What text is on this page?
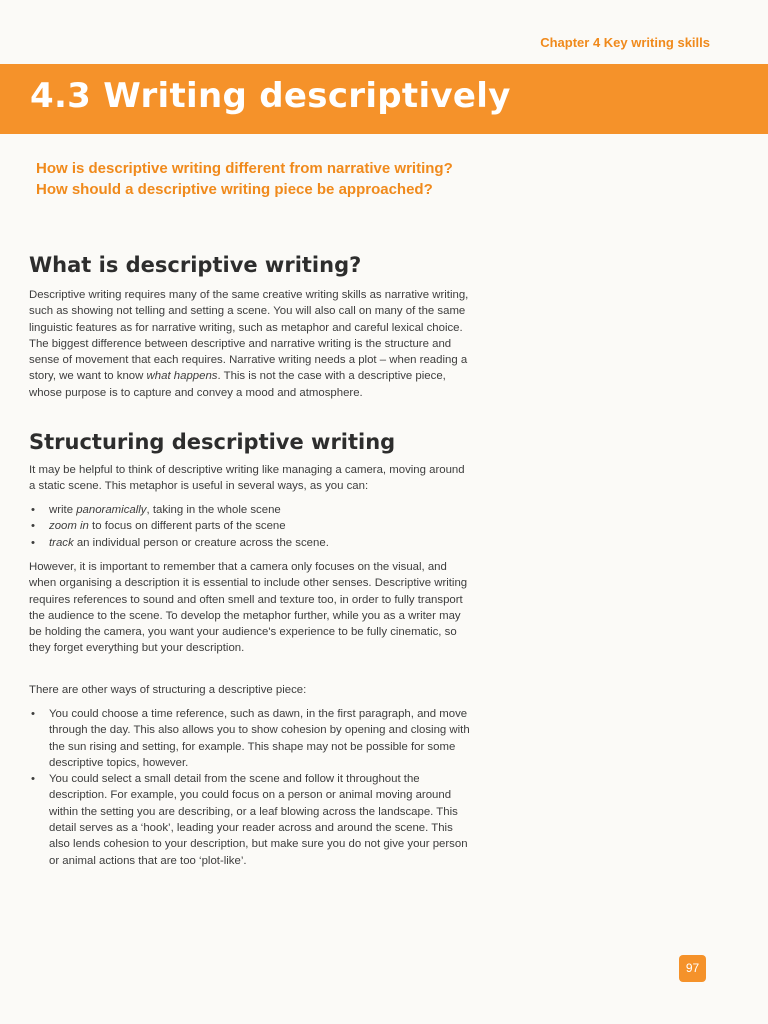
Chapter 4 Key writing skills
4.3 Writing descriptively
How is descriptive writing different from narrative writing? How should a descriptive writing piece be approached?
What is descriptive writing?

Descriptive writing requires many of the same creative writing skills as narrative writing, such as showing not telling and setting a scene. You will also call on many of the same linguistic features as for narrative writing, such as metaphor and careful lexical choice. The biggest difference between descriptive and narrative writing is the structure and sense of movement that each requires. Narrative writing needs a plot – when reading a story, we want to know what happens. This is not the case with a descriptive piece, whose purpose is to capture and convey a mood and atmosphere.

Structuring descriptive writing

It may be helpful to think of descriptive writing like managing a camera, moving around a static scene. This metaphor is useful in several ways, as you can:

• write panoramically, taking in the whole scene
• zoom in to focus on different parts of the scene
• track an individual person or creature across the scene.

However, it is important to remember that a camera only focuses on the visual, and when organising a description it is essential to include other senses. Descriptive writing requires references to sound and often smell and texture too, in order to fully transport the audience to the scene. To develop the metaphor further, while you as a writer may be holding the camera, you want your audience's experience to be fully cinematic, so they forget everything but your description.

There are other ways of structuring a descriptive piece:

• You could choose a time reference, such as dawn, in the first paragraph, and move through the day. This also allows you to show cohesion by opening and closing with the sun rising and setting, for example. This shape may not be possible for some descriptive topics, however.
• You could select a small detail from the scene and follow it throughout the description. For example, you could focus on a person or animal moving around within the setting you are describing, or a leaf blowing across the landscape. This detail serves as a ‘hook’, leading your reader across and around the scene. This also lends cohesion to your description, but make sure you do not give your person or animal actions that are too ‘plot-like’.
97
